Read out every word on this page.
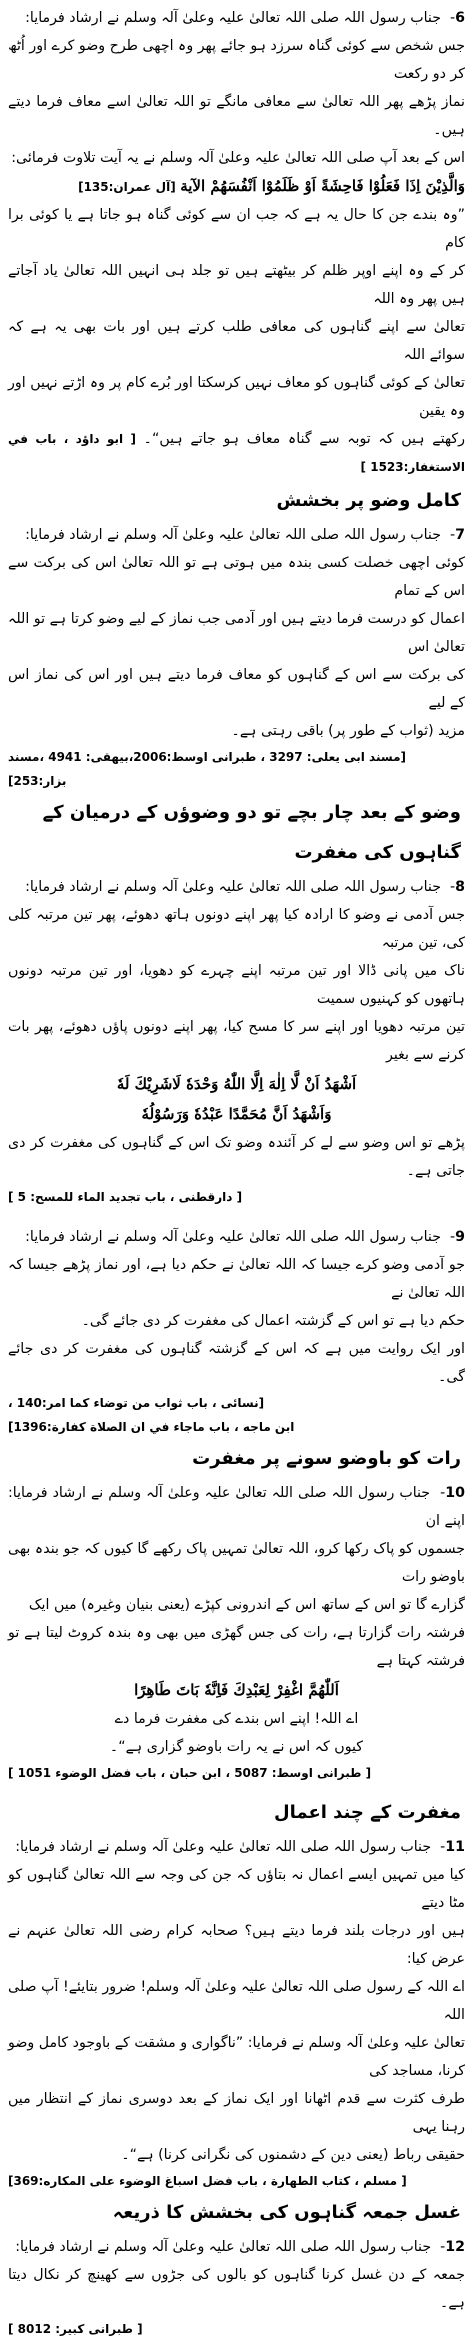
6-  جناب رسول اللہ صلی اللہ تعالیٰ علیہ وعلیٰ آلہ وسلم نے ارشاد فرمایا:

جس شخص سے کوئی گناہ سرزد ہو جائے پھر وہ اچھی طرح وضو کرے اور اُٹھ کر دو رکعت

نماز پڑھے پھر اللہ تعالیٰ سے معافی مانگے تو اللہ تعالیٰ اسے معاف فرما دیتے ہیں۔

اس کے بعد آپ صلی اللہ تعالیٰ علیہ وعلیٰ آلہ وسلم نے یہ آیت تلاوت فرمائی:

وَالَّذِيْنَ اِذَا فَعَلُوْا فَاحِشَةً اَوْ ظَلَمُوْا اَنْفُسَهُمْ الآية [آل عمران:135]

”وہ بندے جن کا حال یہ ہے کہ جب ان سے کوئی گناہ ہو جاتا ہے یا کوئی برا کام

کر کے وہ اپنے اوپر ظلم کر بیٹھتے ہیں تو جلد ہی انہیں اللہ تعالیٰ یاد آجاتے ہیں پھر وہ اللہ

تعالیٰ سے اپنے گناہوں کی معافی طلب کرتے ہیں اور بات بھی یہ ہے کہ سوائے اللہ

تعالیٰ کے کوئی گناہوں کو معاف نہیں کرسکتا اور بُرے کام پر وہ اڑتے نہیں اور وہ یقین

رکھتے ہیں کہ توبہ سے گناہ معاف ہو جاتے ہیں“۔ [ ابو داؤد ، باب في الاستغفار:1523 ]

کامل وضو پر بخشش

7-  جناب رسول اللہ صلی اللہ تعالیٰ علیہ وعلیٰ آلہ وسلم نے ارشاد فرمایا:

کوئی اچھی خصلت کسی بندہ میں ہوتی ہے تو اللہ تعالیٰ اس کی برکت سے اس کے تمام

اعمال کو درست فرما دیتے ہیں اور آدمی جب نماز کے لیے وضو کرتا ہے تو اللہ تعالیٰ اس

کی برکت سے اس کے گناہوں کو معاف فرما دیتے ہیں اور اس کی نماز اس کے لیے

مزید (ثواب کے طور پر) باقی رہتی ہے۔

[مسند ابی یعلی: 3297 ، طبرانی اوسط:2006،بیهقی: 4941 ،مسند بزار:253]

وضو کے بعد چار بچے تو دو وضوؤں کے درمیان کے گناہوں کی مغفرت

8-  جناب رسول اللہ صلی اللہ تعالیٰ علیہ وعلیٰ آلہ وسلم نے ارشاد فرمایا:

جس آدمی نے وضو کا ارادہ کیا پھر اپنے دونوں ہاتھ دھوئے، پھر تین مرتبہ کلی کی، تین مرتبہ

ناک میں پانی ڈالا اور تین مرتبہ اپنے چہرے کو دھویا، اور تین مرتبہ دونوں ہاتھوں کو کہنیوں سمیت

تین مرتبہ دھویا اور اپنے سر کا مسح کیا، پھر اپنے دونوں پاؤں دھوئے، پھر بات کرنے سے بغیر

اَشْهَدُ اَنْ لَّا اِلٰهَ اِلَّا اللّٰهُ وَحْدَهٗ لَاشَرِيْكَ لَهٗ

وَاَشْهَدُ اَنَّ مُحَمَّدًا عَبْدُهٗ وَرَسُوْلُهٗ

پڑھے تو اس وضو سے لے کر آئندہ وضو تک اس کے گناہوں کی مغفرت کر دی جاتی ہے۔

[ دارقطنی ، باب تجدید الماء للمسح: 5 ]

9-  جناب رسول اللہ صلی اللہ تعالیٰ علیہ وعلیٰ آلہ وسلم نے ارشاد فرمایا:

جو آدمی وضو کرے جیسا کہ اللہ تعالیٰ نے حکم دیا ہے، اور نماز پڑھے جیسا کہ اللہ تعالیٰ نے

حکم دیا ہے تو اس کے گزشتہ اعمال کی مغفرت کر دی جائے گی۔

اور ایک روایت میں ہے کہ اس کے گزشتہ گناہوں کی مغفرت کر دی جائے گی۔

[نسائی ، باب ثواب من توضاء كما امر:140 ،

ابن ماجه ، باب ماجاء في ان الصلاة كفارة:1396]

رات کو باوضو سونے پر مغفرت

10-  جناب رسول اللہ صلی اللہ تعالیٰ علیہ وعلیٰ آلہ وسلم نے ارشاد فرمایا: اپنے ان

جسموں کو پاک رکھا کرو، اللہ تعالیٰ تمہیں پاک رکھے گا کیوں کہ جو بندہ بھی باوضو رات

گزارے گا تو اس کے ساتھ اس کے اندرونی کپڑے (یعنی بنیان وغیرہ) میں ایک

فرشتہ رات گزارتا ہے، رات کی جس گھڑی میں بھی وہ بندہ کروٹ لیتا ہے تو فرشتہ کہتا ہے

اَللّٰهُمَّ اغْفِرْ لِعَبْدِكَ فَاِنَّهٗ بَاتَ طَاهِرًا

اے اللہ! اپنے اس بندے کی مغفرت فرما دے

کیوں کہ اس نے یہ رات باوضو گزاری ہے“۔

[ طبرانی اوسط: 5087 ، ابن حبان ، باب فضل الوضوء 1051 ]

مغفرت کے چند اعمال

11-  جناب رسول اللہ صلی اللہ تعالیٰ علیہ وعلیٰ آلہ وسلم نے ارشاد فرمایا:

کیا میں تمہیں ایسے اعمال نہ بتاؤں کہ جن کی وجہ سے اللہ تعالیٰ گناہوں کو مٹا دیتے

ہیں اور درجات بلند فرما دیتے ہیں؟ صحابہ کرام رضی اللہ تعالیٰ عنہم نے عرض کیا:

اے اللہ کے رسول صلی اللہ تعالیٰ علیہ وعلیٰ آلہ وسلم! ضرور بتایئے! آپ صلی اللہ

تعالیٰ علیہ وعلیٰ آلہ وسلم نے فرمایا: ”ناگواری و مشقت کے باوجود کامل وضو کرنا، مساجد کی

طرف کثرت سے قدم اٹھانا اور ایک نماز کے بعد دوسری نماز کے انتظار میں رہنا یہی

حقیقی رباط (یعنی دین کے دشمنوں کی نگرانی کرنا) ہے“۔

[ مسلم ، كتاب الطهارة ، باب فضل اسباغ الوضوء على المكاره:369]

غسل جمعہ گناہوں کی بخشش کا ذریعہ

12-  جناب رسول اللہ صلی اللہ تعالیٰ علیہ وعلیٰ آلہ وسلم نے ارشاد فرمایا:

جمعہ کے دن غسل کرنا گناہوں کو بالوں کی جڑوں سے کھینچ کر نکال دیتا ہے۔

[ طبرانی کبیر: 8012 ]
